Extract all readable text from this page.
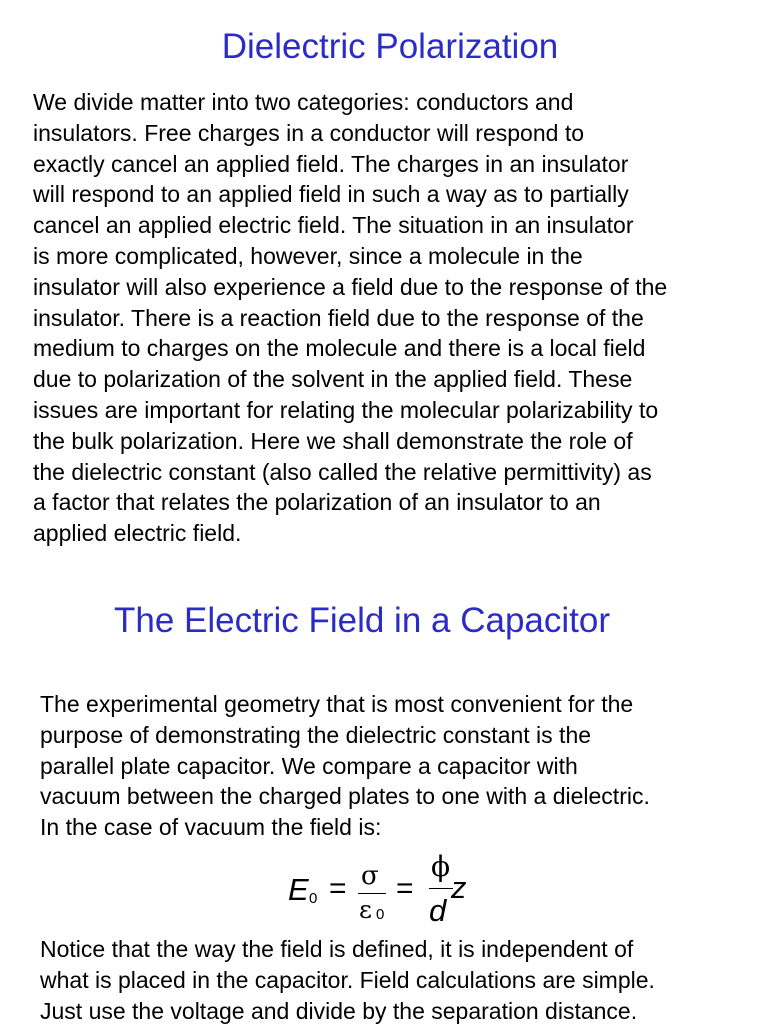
Dielectric Polarization

We divide matter into two categories: conductors and
insulators. Free charges in a conductor will respond to
exactly cancel an applied field. The charges in an insulator
will respond to an applied field in such a way as to partially
cancel an applied electric field. The situation in an insulator
is more complicated, however, since a molecule in the
insulator will also experience a field due to the response of the
insulator. There is a reaction field due to the response of the
medium to charges on the molecule and there is a local field
due to polarization of the solvent in the applied field. These
issues are important for relating the molecular polarizability to
the bulk polarization. Here we shall demonstrate the role of
the dielectric constant (also called the relative permittivity) as
a factor that relates the polarization of an insulator to an
applied electric field.

The Electric Field in a Capacitor

The experimental geometry that is most convenient for the
purpose of demonstrating the dielectric constant is the
parallel plate capacitor. We compare a capacitor with
vacuum between the charged plates to one with a dielectric.
In the case of vacuum the field is:

E 0 = σ
ε 0
=
ϕ
d
z

Notice that the way the field is defined, it is independent of
what is placed in the capacitor. Field calculations are simple.
Just use the voltage and divide by the separation distance.
